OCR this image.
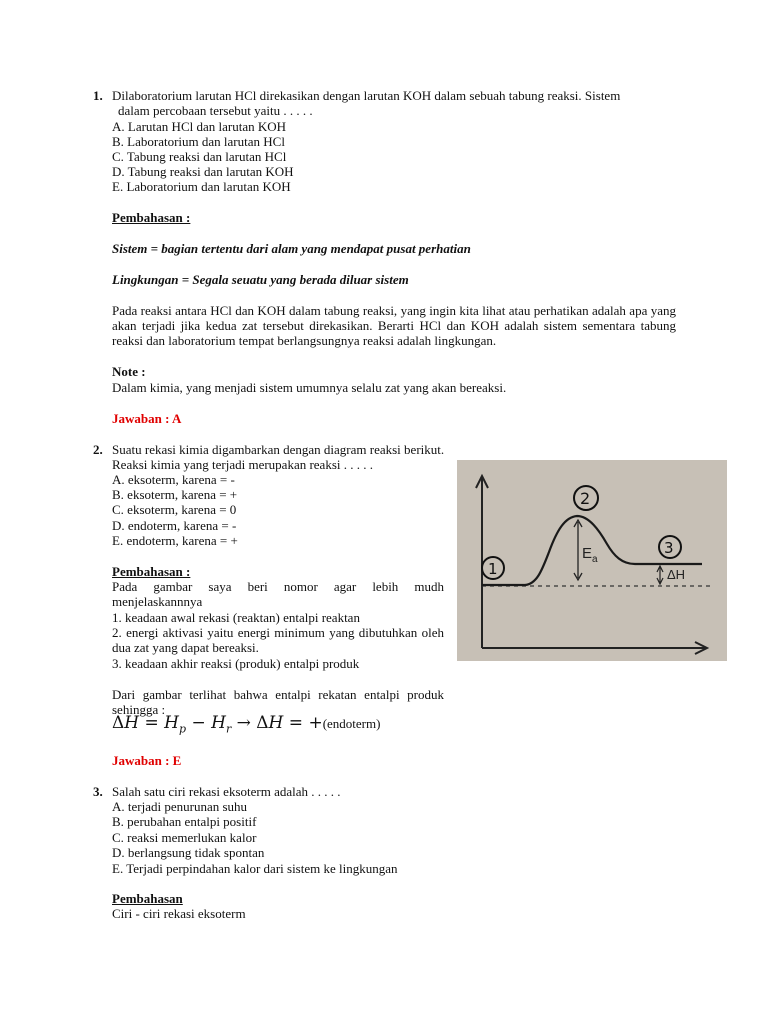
1. Dilaboratorium larutan HCl direkasikan dengan larutan KOH dalam sebuah tabung reaksi. Sistem
dalam percobaan tersebut yaitu . . . . .
A. Larutan HCl dan larutan KOH
B. Laboratorium dan larutan HCl
C. Tabung reaksi dan larutan HCl
D. Tabung reaksi dan larutan KOH
E. Laboratorium dan larutan KOH
Pembahasan :
Sistem = bagian tertentu dari alam yang mendapat pusat perhatian
Lingkungan = Segala seuatu yang berada diluar sistem
Pada reaksi antara HCl dan KOH dalam tabung reaksi, yang ingin kita lihat atau perhatikan adalah apa yang akan terjadi jika kedua zat tersebut direkasikan. Berarti HCl dan KOH adalah sistem sementara tabung reaksi dan laboratorium tempat berlangsungnya reaksi adalah lingkungan.
Note :
Dalam kimia, yang menjadi sistem umumnya selalu zat yang akan bereaksi.
Jawaban : A
2. Suatu rekasi kimia digambarkan dengan diagram reaksi berikut.
Reaksi kimia yang terjadi merupakan reaksi . . . . .
A. eksoterm, karena = -
B. eksoterm, karena = +
C. eksoterm, karena = 0
D. endoterm, karena = -
E. endoterm, karena = +
Pembahasan :
Pada gambar saya beri nomor agar lebih mudh menjelaskannnya
1. keadaan awal rekasi (reaktan) entalpi reaktan
2. energi aktivasi yaitu energi minimum yang dibutuhkan oleh dua zat yang dapat bereaksi.
3. keadaan akhir reaksi (produk) entalpi produk
Dari gambar terlihat bahwa entalpi rekatan entalpi produk sehingga :
$\Delta H = H_p - H_r \to \Delta H$ = +(endoterm)
$E_a$
ΔH
1
2
3
Jawaban : E
3. Salah satu ciri rekasi eksoterm adalah . . . . .
A. terjadi penurunan suhu
B. perubahan entalpi positif
C. reaksi memerlukan kalor
D. berlangsung tidak spontan
E. Terjadi perpindahan kalor dari sistem ke lingkungan
Pembahasan
Ciri - ciri rekasi eksoterm
